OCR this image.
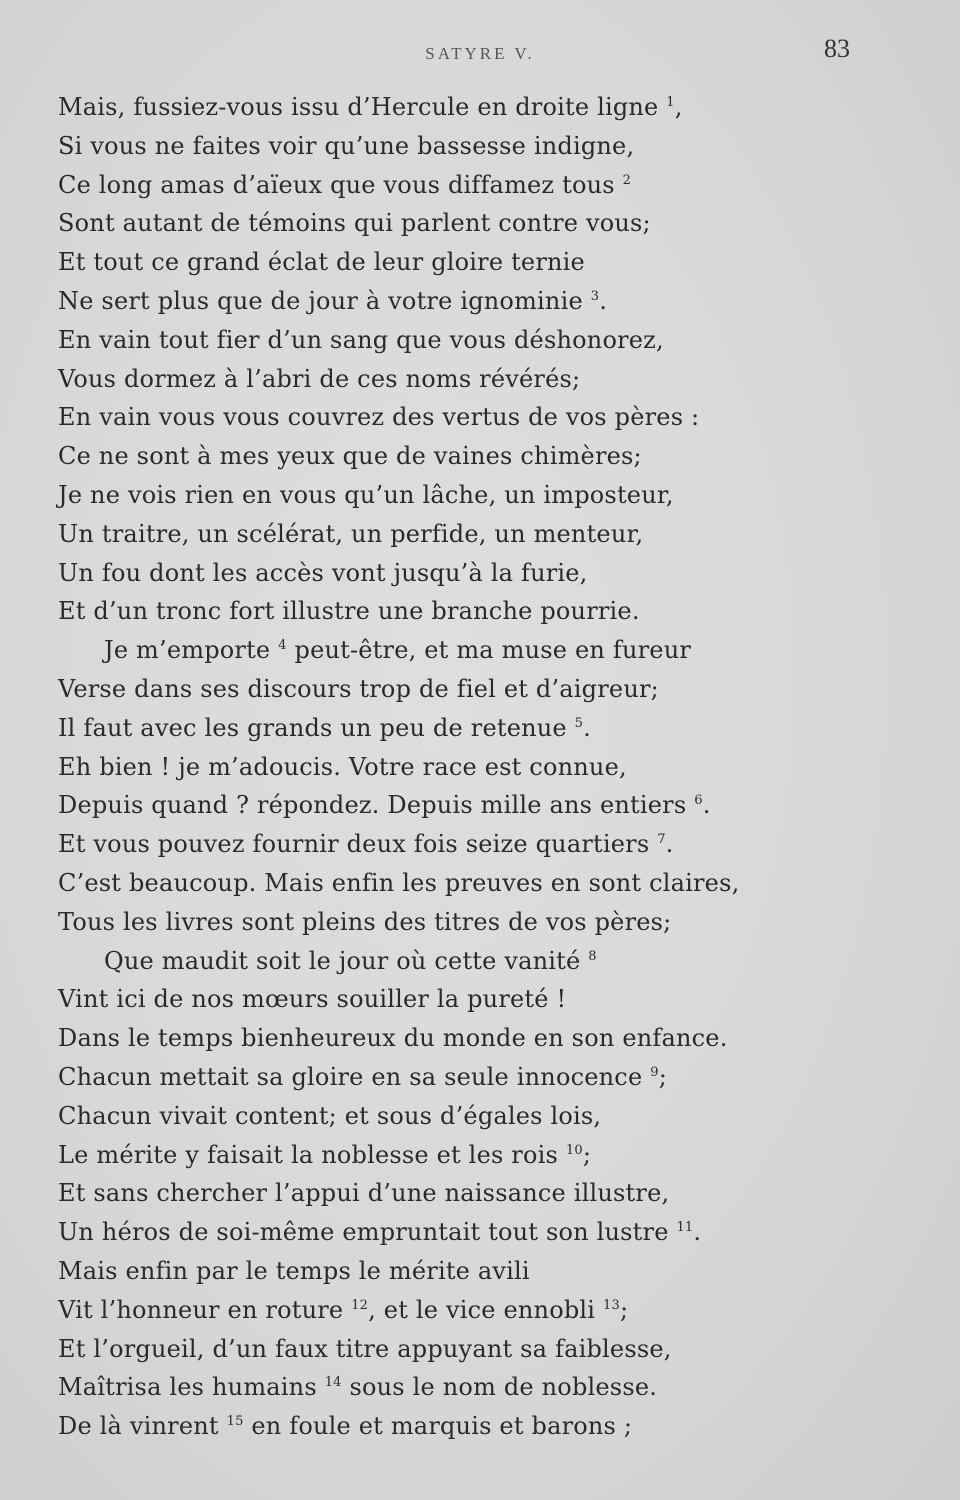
SATYRE V.	83
Mais, fussiez-vous issu d’Hercule en droite ligne $^1$,
Si vous ne faites voir qu’une bassesse indigne,
Ce long amas d’aïeux que vous diffamez tous $^2$
Sont autant de témoins qui parlent contre vous;
Et tout ce grand éclat de leur gloire ternie
Ne sert plus que de jour à votre ignominie $^3$.
En vain tout fier d’un sang que vous déshonorez,
Vous dormez à l’abri de ces noms révérés;
En vain vous vous couvrez des vertus de vos pères :
Ce ne sont à mes yeux que de vaines chimères;
Je ne vois rien en vous qu’un lâche, un imposteur,
Un traitre, un scélérat, un perfide, un menteur,
Un fou dont les accès vont jusqu’à la furie,
Et d’un tronc fort illustre une branche pourrie.
Je m’emporte $^4$ peut-être, et ma muse en fureur
Verse dans ses discours trop de fiel et d’aigreur;
Il faut avec les grands un peu de retenue $^5$.
Eh bien ! je m’adoucis. Votre race est connue,
Depuis quand ? répondez. Depuis mille ans entiers $^6$.
Et vous pouvez fournir deux fois seize quartiers $^7$.
C’est beaucoup. Mais enfin les preuves en sont claires,
Tous les livres sont pleins des titres de vos pères;
Que maudit soit le jour où cette vanité $^8$
Vint ici de nos mœurs souiller la pureté !
Dans le temps bienheureux du monde en son enfance.
Chacun mettait sa gloire en sa seule innocence $^9$;
Chacun vivait content; et sous d’égales lois,
Le mérite y faisait la noblesse et les rois $^{10}$;
Et sans chercher l’appui d’une naissance illustre,
Un héros de soi-même empruntait tout son lustre $^{11}$.
Mais enfin par le temps le mérite avili
Vit l’honneur en roture $^{12}$, et le vice ennobli $^{13}$;
Et l’orgueil, d’un faux titre appuyant sa faiblesse,
Maîtrisa les humains $^{14}$ sous le nom de noblesse.
De là vinrent $^{15}$ en foule et marquis et barons ;
